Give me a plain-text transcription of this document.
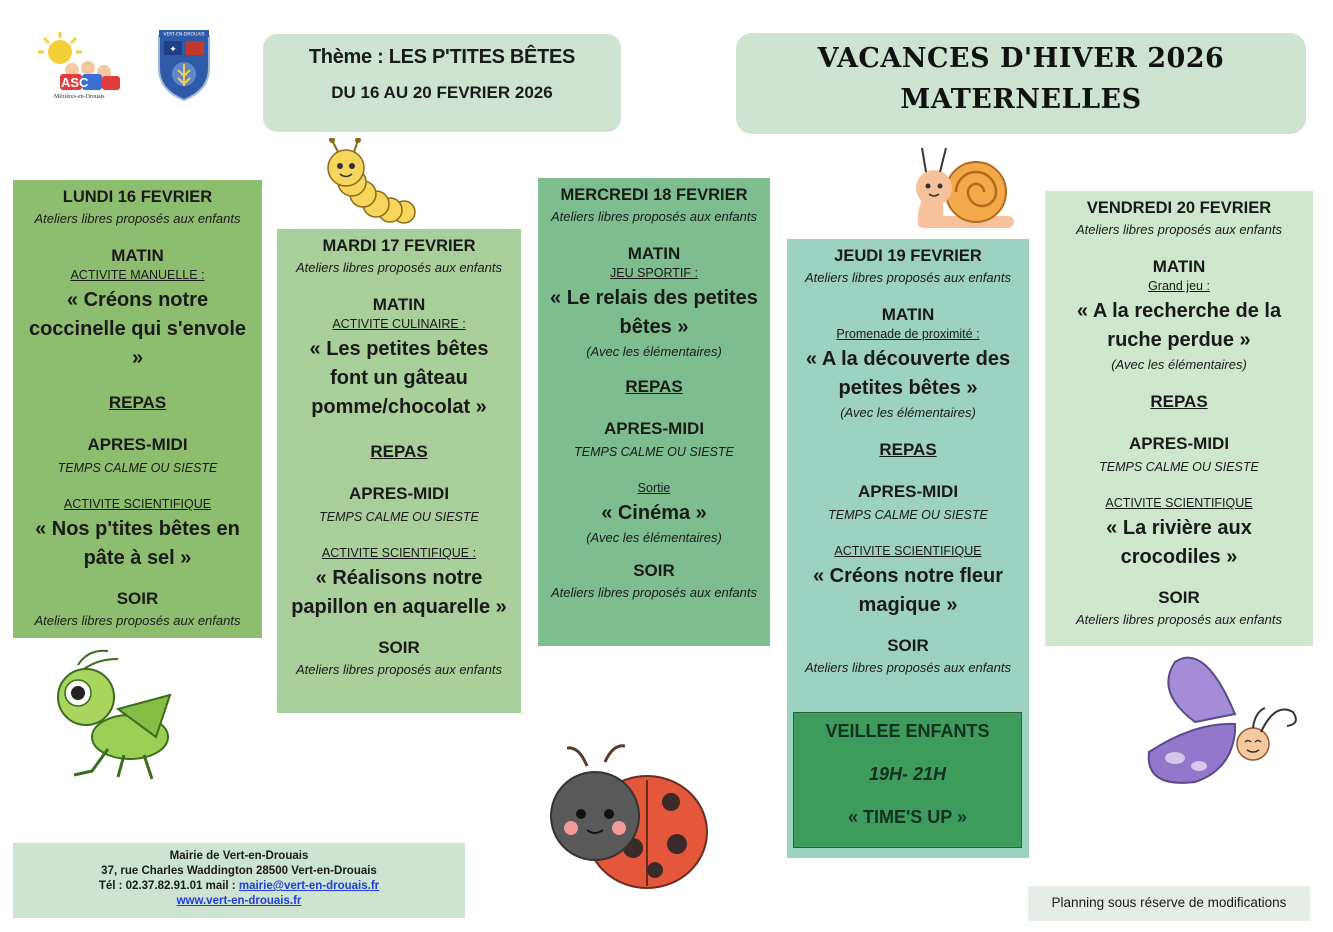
ASC
Mézières-en-Drouais
VERT-EN-DROUAIS
✦	Thème : LES P'TITES BÊTES
DU 16 AU 20 FEVRIER 2026
VACANCES D'HIVER 2026
MATERNELLES
LUNDI 16 FEVRIER
Ateliers libres proposés aux enfants
MATIN
ACTIVITE MANUELLE :
« Créons notre coccinelle qui s'envole »
REPAS
APRES-MIDI
TEMPS CALME OU SIESTE
ACTIVITE SCIENTIFIQUE
« Nos p'tites bêtes en pâte à sel »
SOIR
Ateliers libres proposés aux enfants
MARDI 17 FEVRIER
Ateliers libres proposés aux enfants
MATIN
ACTIVITE CULINAIRE :
« Les petites bêtes font un gâteau pomme/chocolat »
REPAS
APRES-MIDI
TEMPS CALME OU SIESTE
ACTIVITE SCIENTIFIQUE :
« Réalisons notre papillon en aquarelle »
SOIR
Ateliers libres proposés aux enfants
MERCREDI 18 FEVRIER
Ateliers libres proposés aux enfants
MATIN
JEU SPORTIF :
« Le relais des petites bêtes »
(Avec les élémentaires)
REPAS
APRES-MIDI
TEMPS CALME OU SIESTE
Sortie
« Cinéma »
(Avec les élémentaires)
SOIR
Ateliers libres proposés aux enfants
JEUDI 19 FEVRIER
Ateliers libres proposés aux enfants
MATIN
Promenade de proximité :
« A la découverte des petites bêtes »
(Avec les élémentaires)
REPAS
APRES-MIDI
TEMPS CALME OU SIESTE
ACTIVITE SCIENTIFIQUE
« Créons notre fleur magique »
SOIR
Ateliers libres proposés aux enfants
VEILLEE ENFANTS
19H- 21H
« TIME'S UP »
VENDREDI 20 FEVRIER
Ateliers libres proposés aux enfants
MATIN
Grand jeu :
« A la recherche de la ruche perdue »
(Avec les élémentaires)
REPAS
APRES-MIDI
TEMPS CALME OU SIESTE
ACTIVITE SCIENTIFIQUE
« La rivière aux crocodiles »
SOIR
Ateliers libres proposés aux enfants
Mairie de Vert-en-Drouais
37, rue Charles Waddington 28500 Vert-en-Drouais
Tél : 02.37.82.91.01 mail : mairie@vert-en-drouais.fr
www.vert-en-drouais.fr	Planning sous réserve de modifications
